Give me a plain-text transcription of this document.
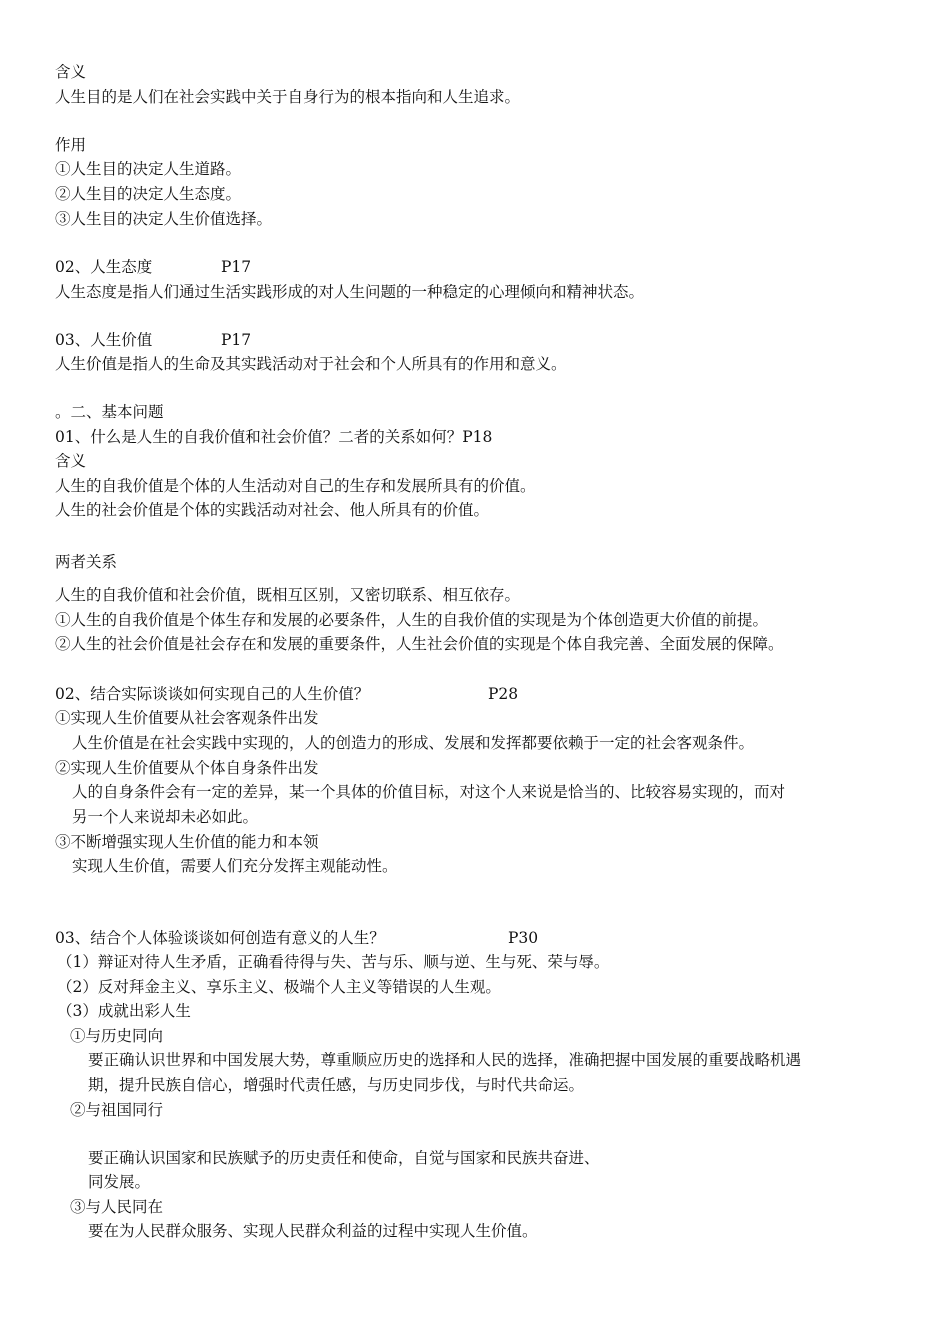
含义
人生目的是人们在社会实践中关于自身行为的根本指向和人生追求。
作用
①人生目的决定人生道路。
②人生目的决定人生态度。
③人生目的决定人生价值选择。
02、人生态度	P17
人生态度是指人们通过生活实践形成的对人生问题的一种稳定的心理倾向和精神状态。
03、人生价值	P17
人生价值是指人的生命及其实践活动对于社会和个人所具有的作用和意义。
。二、基本问题
01、什么是人生的自我价值和社会价值？二者的关系如何？P18
含义
人生的自我价值是个体的人生活动对自己的生存和发展所具有的价值。
人生的社会价值是个体的实践活动对社会、他人所具有的价值。
两者关系
人生的自我价值和社会价值，既相互区别，又密切联系、相互依存。
①人生的自我价值是个体生存和发展的必要条件，人生的自我价值的实现是为个体创造更大价值的前提。
②人生的社会价值是社会存在和发展的重要条件，人生社会价值的实现是个体自我完善、全面发展的保障。
02、结合实际谈谈如何实现自己的人生价值？	P28
①实现人生价值要从社会客观条件出发
人生价值是在社会实践中实现的，人的创造力的形成、发展和发挥都要依赖于一定的社会客观条件。
②实现人生价值要从个体自身条件出发
人的自身条件会有一定的差异，某一个具体的价值目标，对这个人来说是恰当的、比较容易实现的，而对
另一个人来说却未必如此。
③不断增强实现人生价值的能力和本领
实现人生价值，需要人们充分发挥主观能动性。
03、结合个人体验谈谈如何创造有意义的人生？	P30
（1）辩证对待人生矛盾，正确看待得与失、苦与乐、顺与逆、生与死、荣与辱。
（2）反对拜金主义、享乐主义、极端个人主义等错误的人生观。
（3）成就出彩人生
①与历史同向
要正确认识世界和中国发展大势，尊重顺应历史的选择和人民的选择，准确把握中国发展的重要战略机遇
期，提升民族自信心，增强时代责任感，与历史同步伐，与时代共命运。
②与祖国同行
要正确认识国家和民族赋予的历史责任和使命，自觉与国家和民族共奋进、
同发展。
③与人民同在
要在为人民群众服务、实现人民群众利益的过程中实现人生价值。
